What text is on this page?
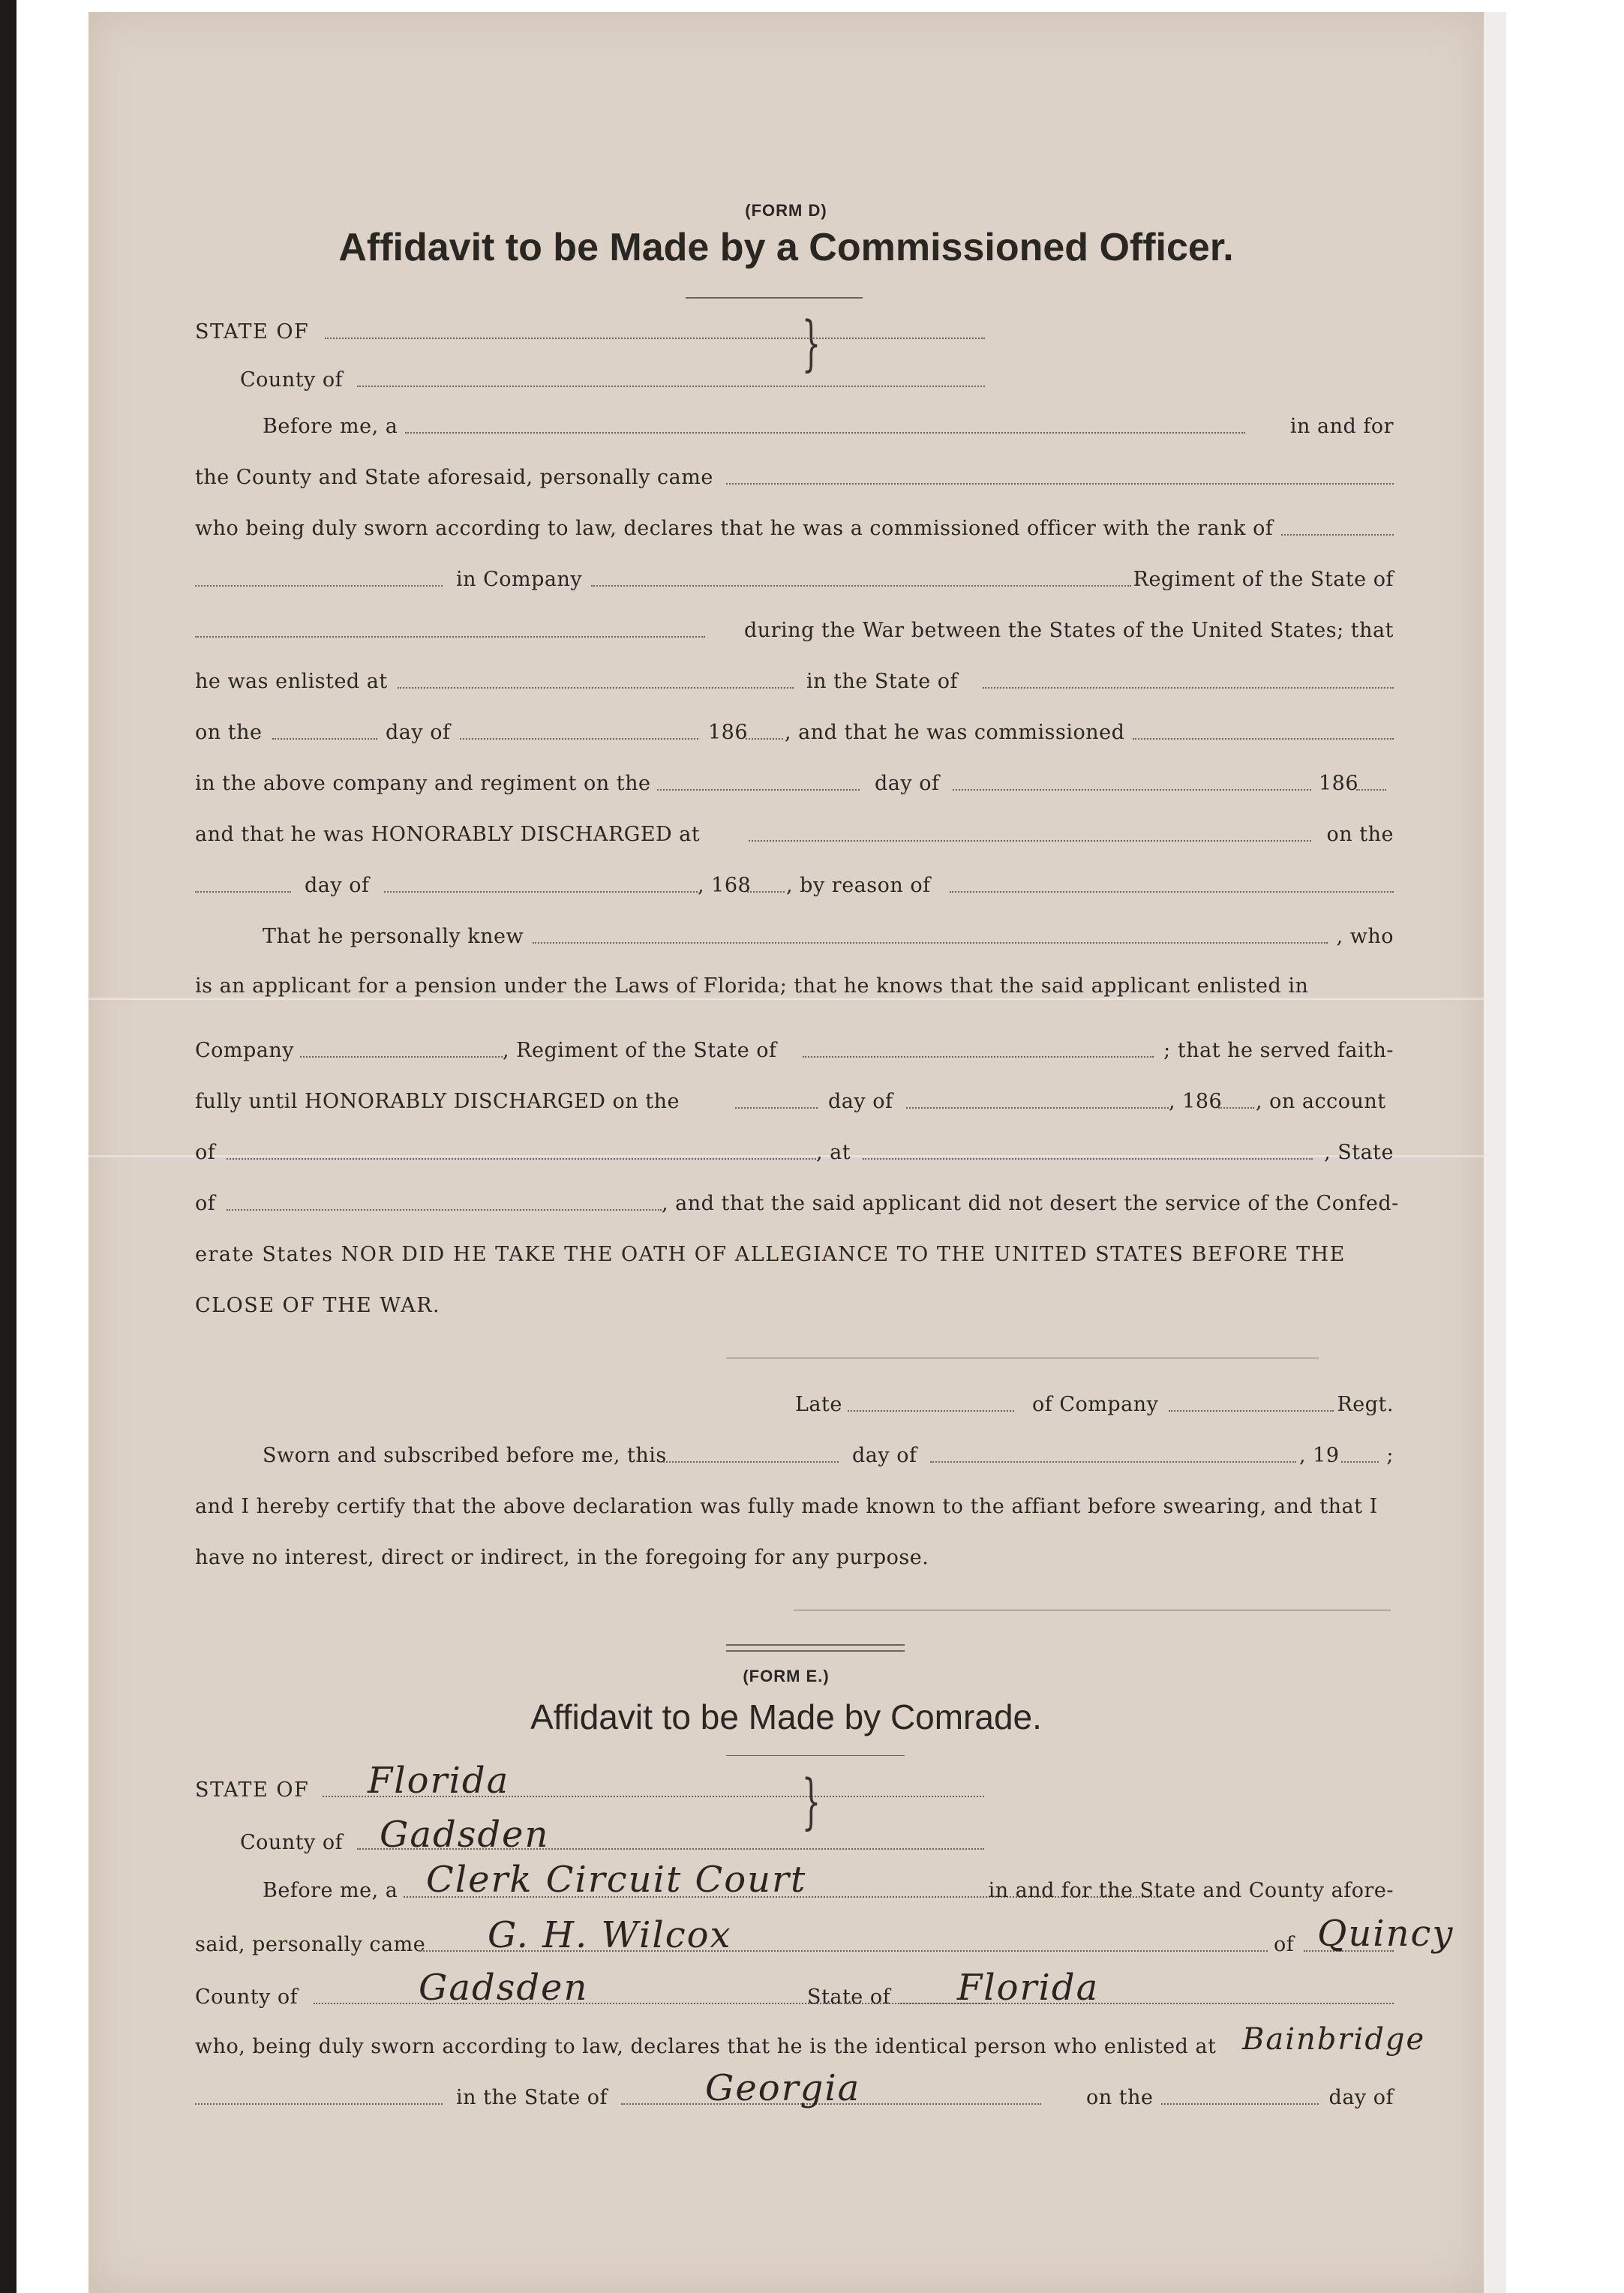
(FORM D)
Affidavit to be Made by a Commissioned Officer.
STATE OF	}
County of
Before me, a	in and for
the County and State aforesaid, personally came
who being duly sworn according to law, declares that he was a commissioned officer with the rank of
in Company	Regiment of the State of
during the War between the States of the United States; that
he was enlisted at	in the State of
on the	day of	186 , and that he was commissioned
in the above company and regiment on the	day of	186
and that he was HONORABLY DISCHARGED at	on the
day of	, 168 , by reason of
That he personally knew	, who
is an applicant for a pension under the Laws of Florida; that he knows that the said applicant enlisted in
Company	, Regiment of the State of	; that he served faith-
fully until HONORABLY DISCHARGED on the	day of	, 186 , on account
of	, at	, State
of	, and that the said applicant did not desert the service of the Confed-
erate States NOR DID HE TAKE THE OATH OF ALLEGIANCE TO THE UNITED STATES BEFORE THE
CLOSE OF THE WAR.
Late	of Company	Regt.
Sworn and subscribed before me, this	day of	, 19 ;
and I hereby certify that the above declaration was fully made known to the affiant before swearing, and that I
have no interest, direct or indirect, in the foregoing for any purpose.
(FORM E.)
Affidavit to be Made by Comrade.
STATE OF Florida	}
County of Gadsden
Before me, a Clerk Circuit Court	in and for the State and County afore-
said, personally came G. H. Wilcox	of Quincy
County of	Gadsden	State of Florida
who, being duly sworn according to law, declares that he is the identical person who enlisted at Bainbridge
in the State of	Georgia	on the	day of
